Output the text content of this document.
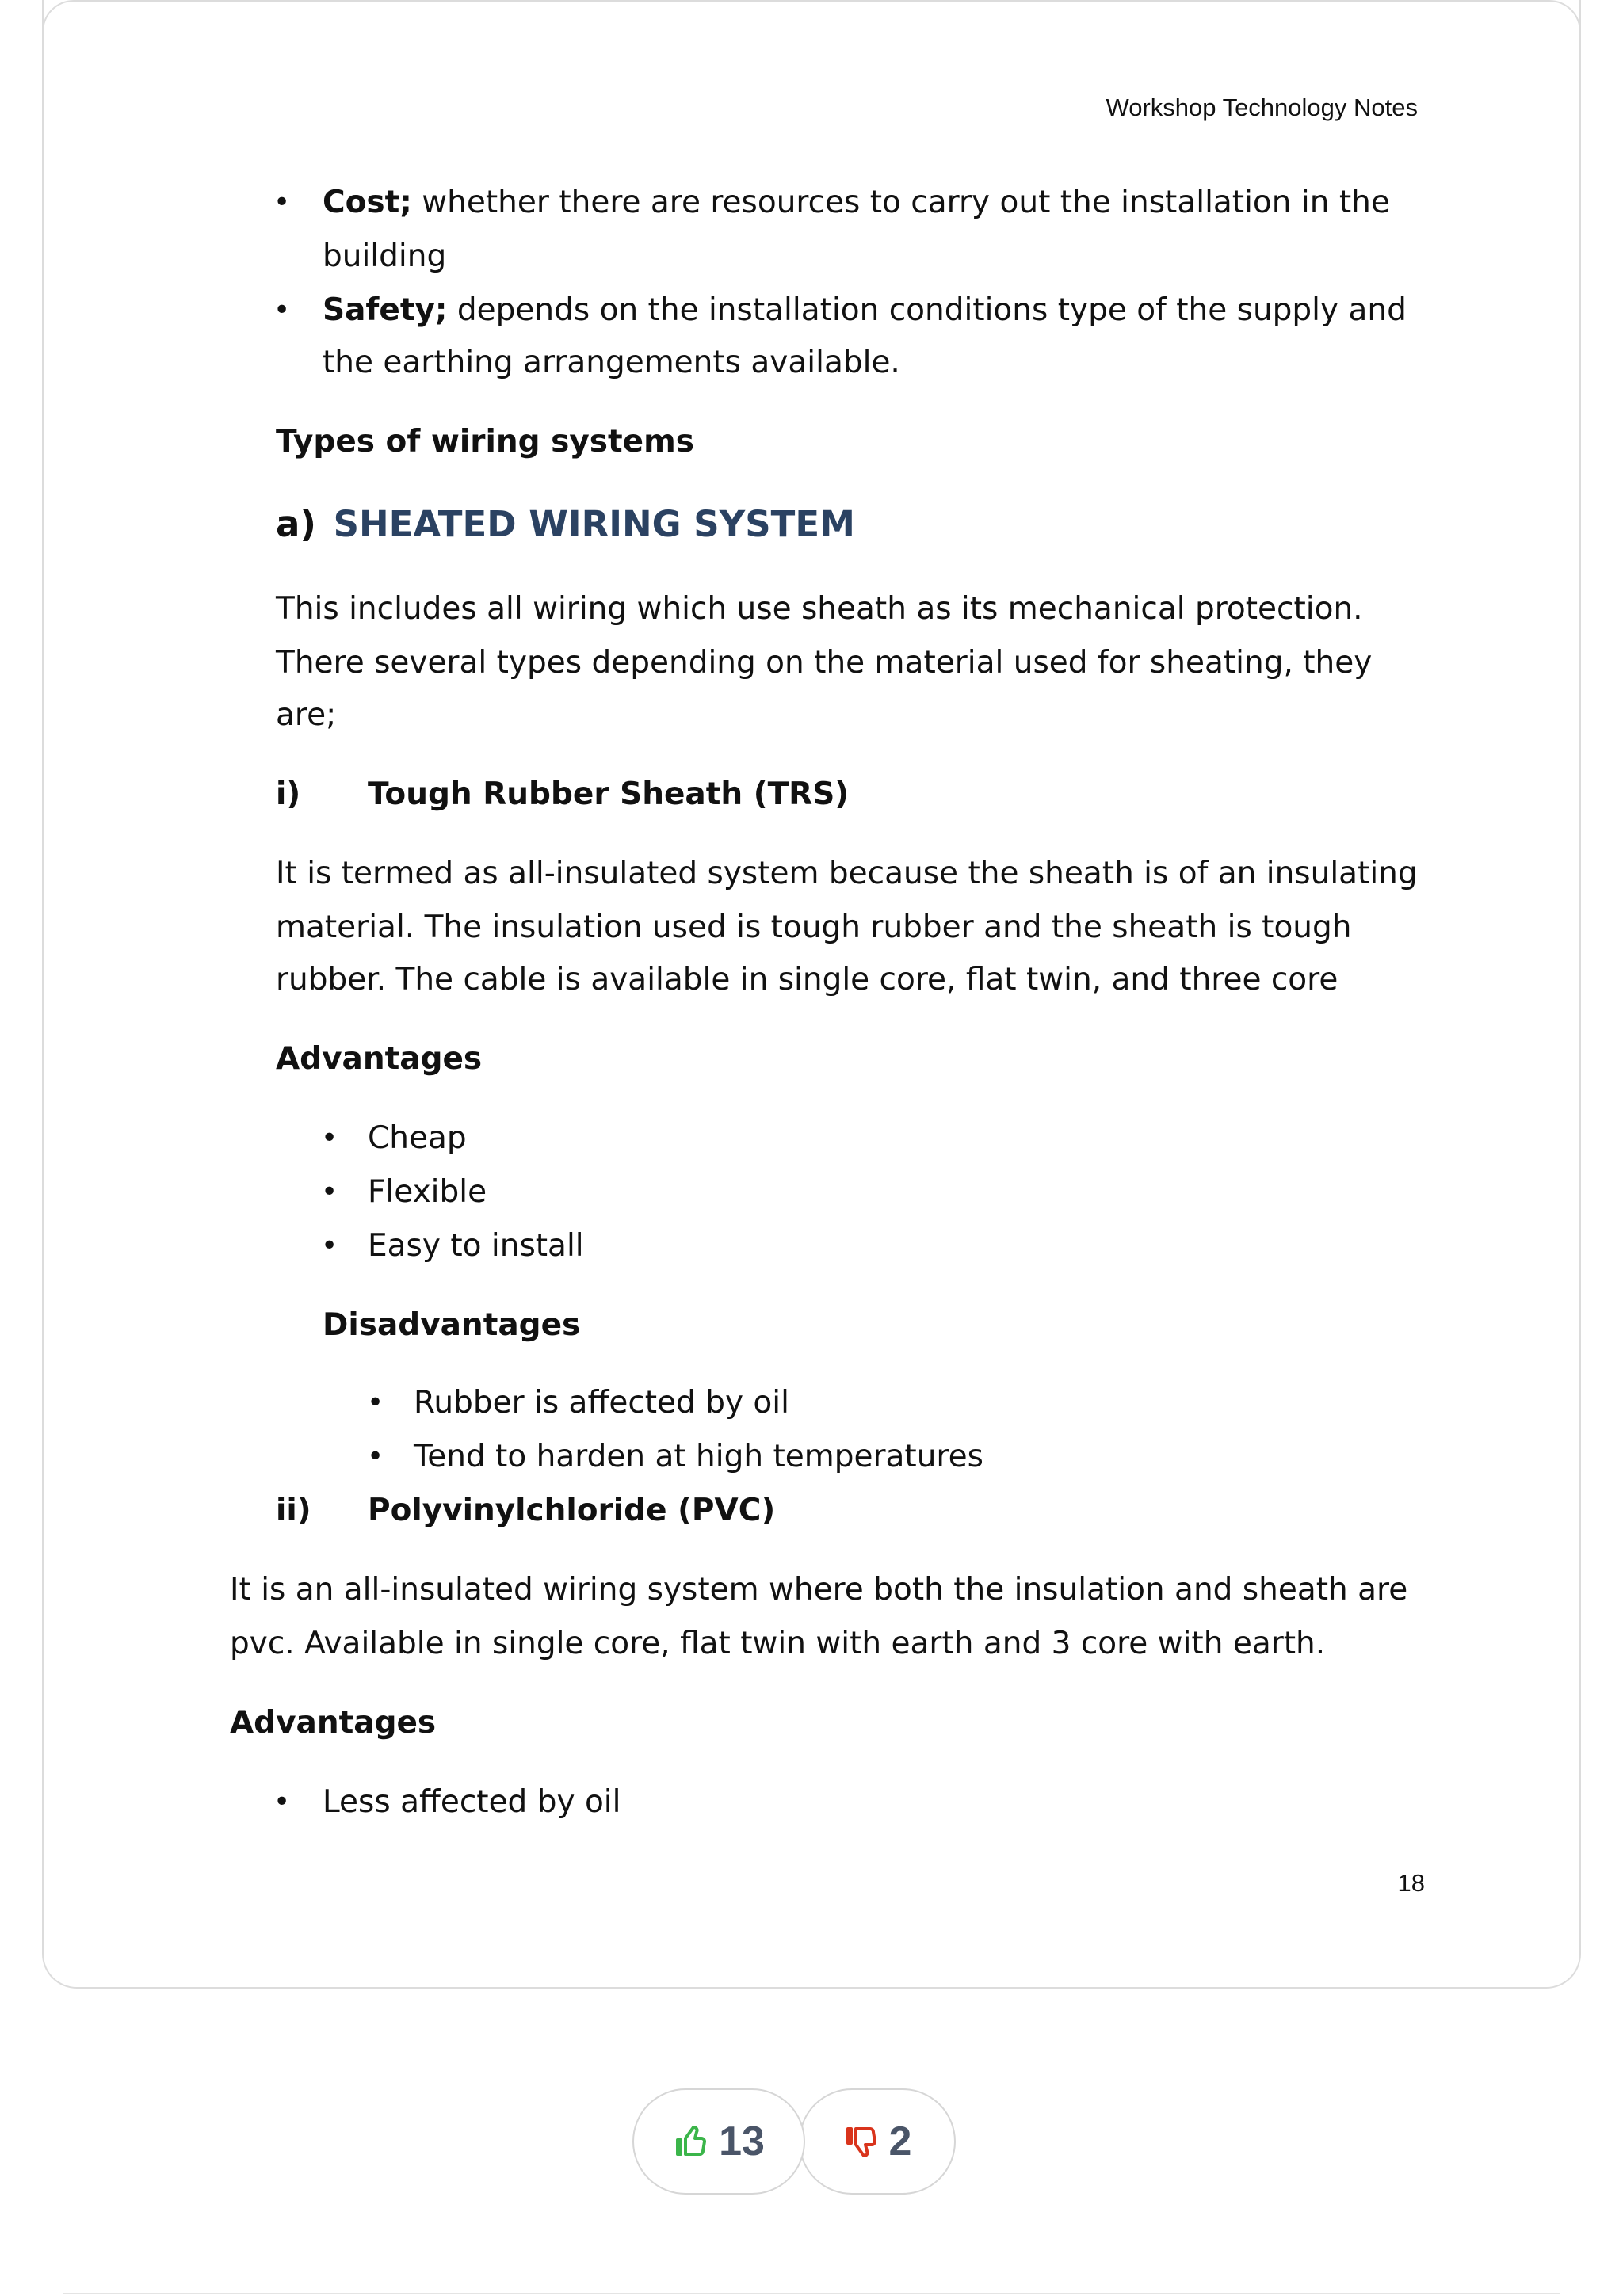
Workshop Technology Notes
• Cost; whether there are resources to carry out the installation in the
building
• Safety; depends on the installation conditions type of the supply and
the earthing arrangements available.
Types of wiring systems
a) SHEATED WIRING SYSTEM
This includes all wiring which use sheath as its mechanical protection.
There several types depending on the material used for sheating, they
are;
i) Tough Rubber Sheath (TRS)
It is termed as all-insulated system because the sheath is of an insulating
material. The insulation used is tough rubber and the sheath is tough
rubber. The cable is available in single core, flat twin, and three core
Advantages
• Cheap
• Flexible
• Easy to install
Disadvantages
• Rubber is affected by oil
• Tend to harden at high temperatures
ii) Polyvinylchloride (PVC)
It is an all-insulated wiring system where both the insulation and sheath are
pvc. Available in single core, flat twin with earth and 3 core with earth.
Advantages
• Less affected by oil
18
2
13
